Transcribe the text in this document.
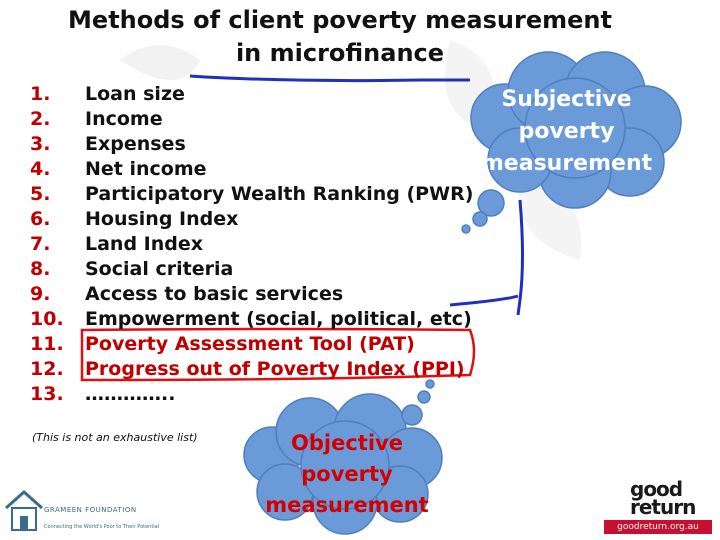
Methods of client poverty measurement in microfinance
1.	Loan size
2.	Income
3.	Expenses
4.	Net income
5.	Participatory Wealth Ranking (PWR)
6.	Housing Index
7.	Land Index
8.	Social criteria
9.	Access to basic services
10.	Empowerment (social, political, etc)
11.	Poverty Assessment Tool (PAT)
12.	Progress out of Poverty Index (PPI)
13.	…………..
(This is not an exhaustive list)
Subjective poverty measurement
Objective poverty measurement
GRAMEEN FOUNDATION
Connecting the World's Poor to Their Potential
good return
goodreturn.org.au
